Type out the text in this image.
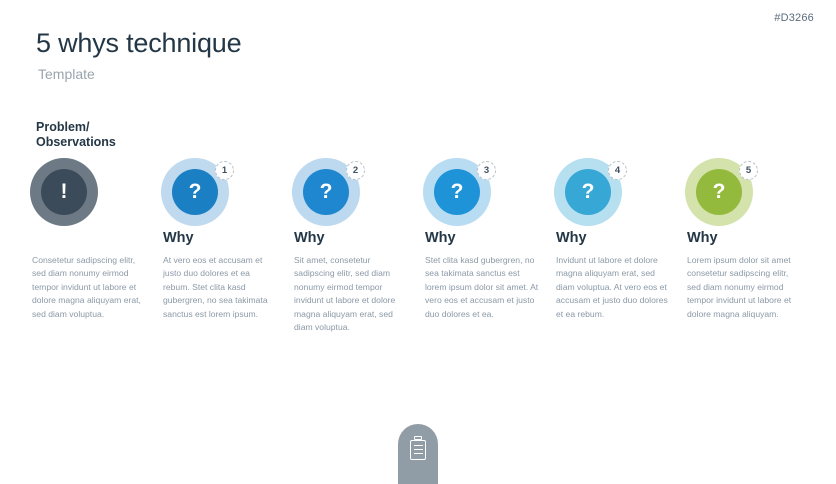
#D3266
5 whys technique
Template
Problem/
Observations
!
Consetetur sadipscing elitr, sed diam nonumy eirmod tempor invidunt ut labore et dolore magna aliquyam erat, sed diam voluptua.
?
1
Why
At vero eos et accusam et justo duo dolores et ea rebum. Stet clita kasd gubergren, no sea takimata sanctus est lorem ipsum.
?
2
Why
Sit amet, consetetur sadipscing elitr, sed diam nonumy eirmod tempor invidunt ut labore et dolore magna aliquyam erat, sed diam voluptua.
?
3
Why
Stet clita kasd gubergren, no sea takimata sanctus est lorem ipsum dolor sit amet. At vero eos et accusam et justo duo dolores et ea.
?
4
Why
Invidunt ut labore et dolore magna aliquyam erat, sed diam voluptua. At vero eos et accusam et justo duo dolores et ea rebum.
?
5
Why
Lorem ipsum dolor sit amet consetetur sadipscing elitr, sed diam nonumy eirmod tempor invidunt ut labore et dolore magna aliquyam.
